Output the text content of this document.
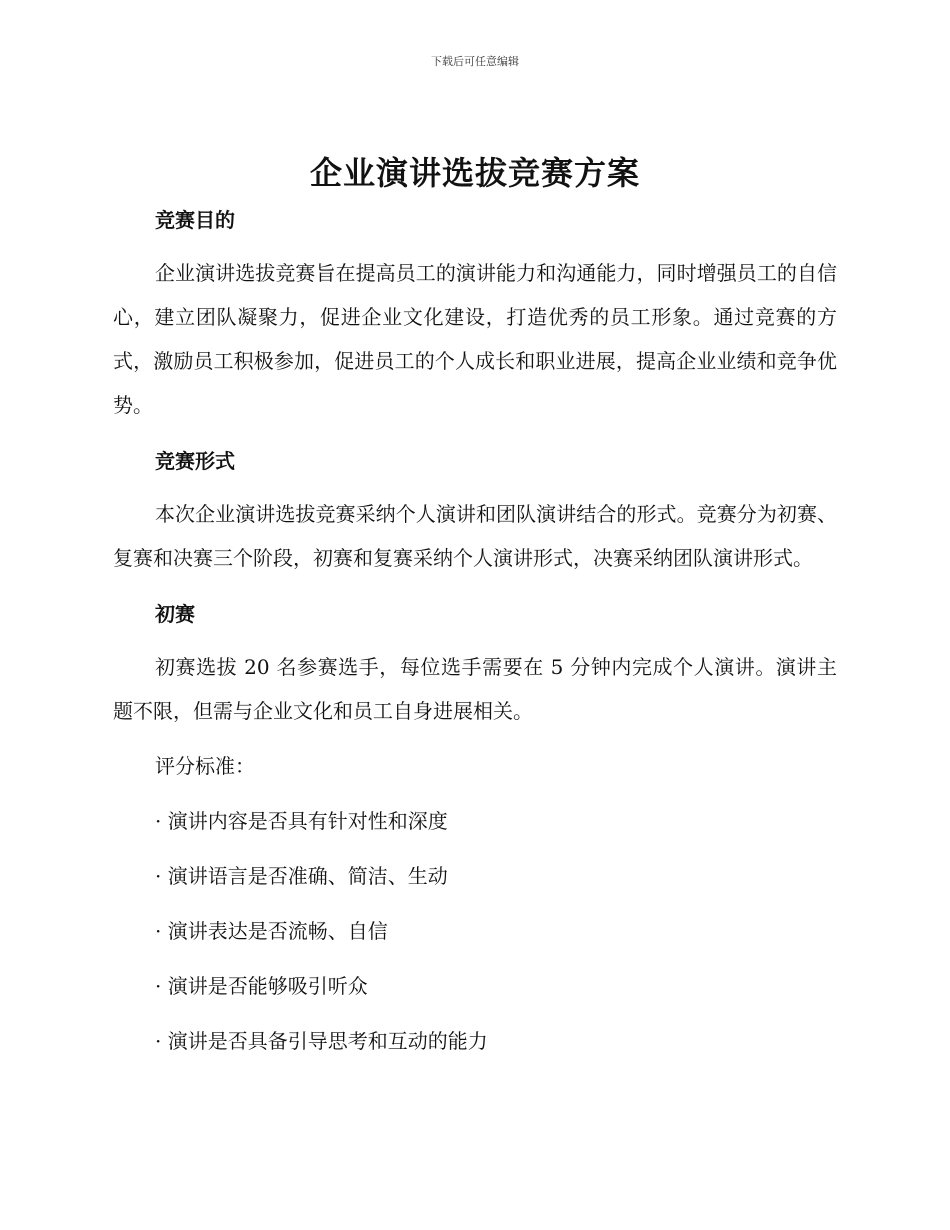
下载后可任意编辑
企业演讲选拔竞赛方案
竞赛目的

企业演讲选拔竞赛旨在提高员工的演讲能力和沟通能力，同时增强员工的自信心，建立团队凝聚力，促进企业文化建设，打造优秀的员工形象。通过竞赛的方式，激励员工积极参加，促进员工的个人成长和职业进展，提高企业业绩和竞争优势。

竞赛形式

本次企业演讲选拔竞赛采纳个人演讲和团队演讲结合的形式。竞赛分为初赛、复赛和决赛三个阶段，初赛和复赛采纳个人演讲形式，决赛采纳团队演讲形式。

初赛

初赛选拔 20 名参赛选手，每位选手需要在 5 分钟内完成个人演讲。演讲主题不限，但需与企业文化和员工自身进展相关。

评分标准：

· 演讲内容是否具有针对性和深度

· 演讲语言是否准确、简洁、生动

· 演讲表达是否流畅、自信

· 演讲是否能够吸引听众

· 演讲是否具备引导思考和互动的能力
